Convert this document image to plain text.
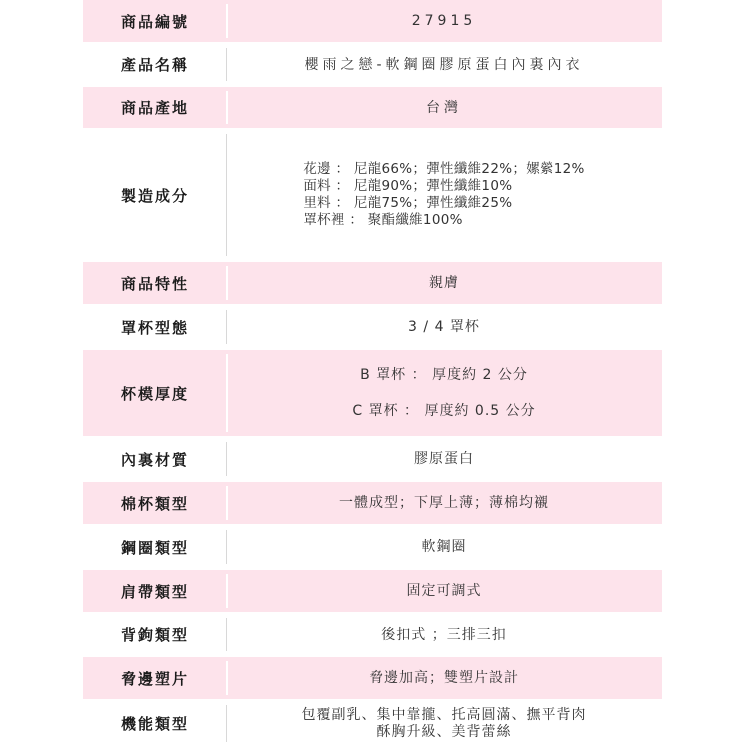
商品編號	27915
產品名稱	櫻雨之戀-軟鋼圈膠原蛋白內裏內衣
商品產地	台灣
製造成分
花邊 ： 尼龍66%；彈性纖維22%；嫘縈12%
面料 ： 尼龍90%；彈性纖維10%
里料 ： 尼龍75%；彈性纖維25%
罩杯裡 ： 聚酯纖維100%
商品特性	親膚
罩杯型態	3 / 4 罩杯
杯模厚度
B 罩杯 ： 厚度約 2 公分
C 罩杯 ： 厚度約 0.5 公分
內裏材質	膠原蛋白
棉杯類型	一體成型；下厚上薄；薄棉均襯
鋼圈類型	軟鋼圈
肩帶類型	固定可調式
背鉤類型	後扣式 ；三排三扣
脅邊塑片	脅邊加高；雙塑片設計
機能類型
包覆副乳、集中靠攏、托高圓滿、撫平背肉
酥胸升級、美背蕾絲
